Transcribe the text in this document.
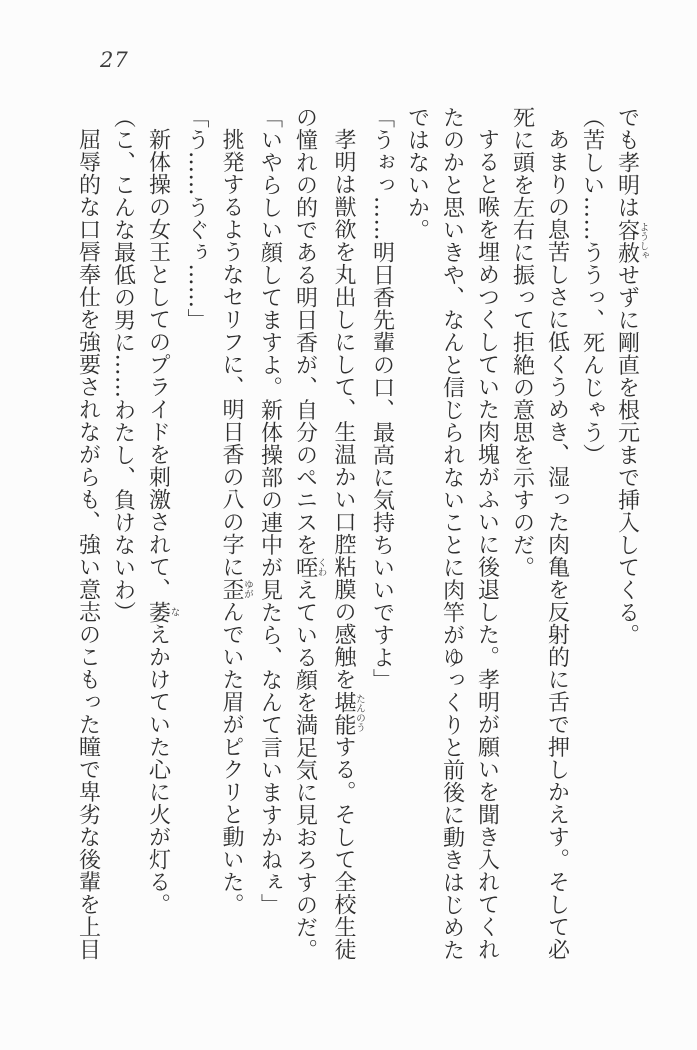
27
でも孝明は容赦ようしゃせずに剛直を根元まで挿入してくる。
（苦しい……ううっ、死んじゃう）
あまりの息苦しさに低くうめき、湿った肉亀を反射的に舌で押しかえす。そして必
死に頭を左右に振って拒絶の意思を示すのだ。
すると喉を埋めつくしていた肉塊がふいに後退した。孝明が願いを聞き入れてくれ
たのかと思いきや、なんと信じられないことに肉竿がゆっくりと前後に動きはじめた
ではないか。
「うぉっ……明日香先輩の口、最高に気持ちいいですよ」
孝明は獣欲を丸出しにして、生温かい口腔粘膜の感触を堪能たんのうする。そして全校生徒
の憧れの的である明日香が、自分のペニスを咥くわえている顔を満足気に見おろすのだ。
「いやらしい顔してますよ。新体操部の連中が見たら、なんて言いますかねぇ」
挑発するようなセリフに、明日香の八の字に歪ゆがんでいた眉がピクリと動いた。
「う……うぐぅ……」
新体操の女王としてのプライドを刺激されて、萎なえかけていた心に火が灯る。
（こ、こんな最低の男に……わたし、負けないわ）
屈辱的な口唇奉仕を強要されながらも、強い意志のこもった瞳で卑劣な後輩を上目
